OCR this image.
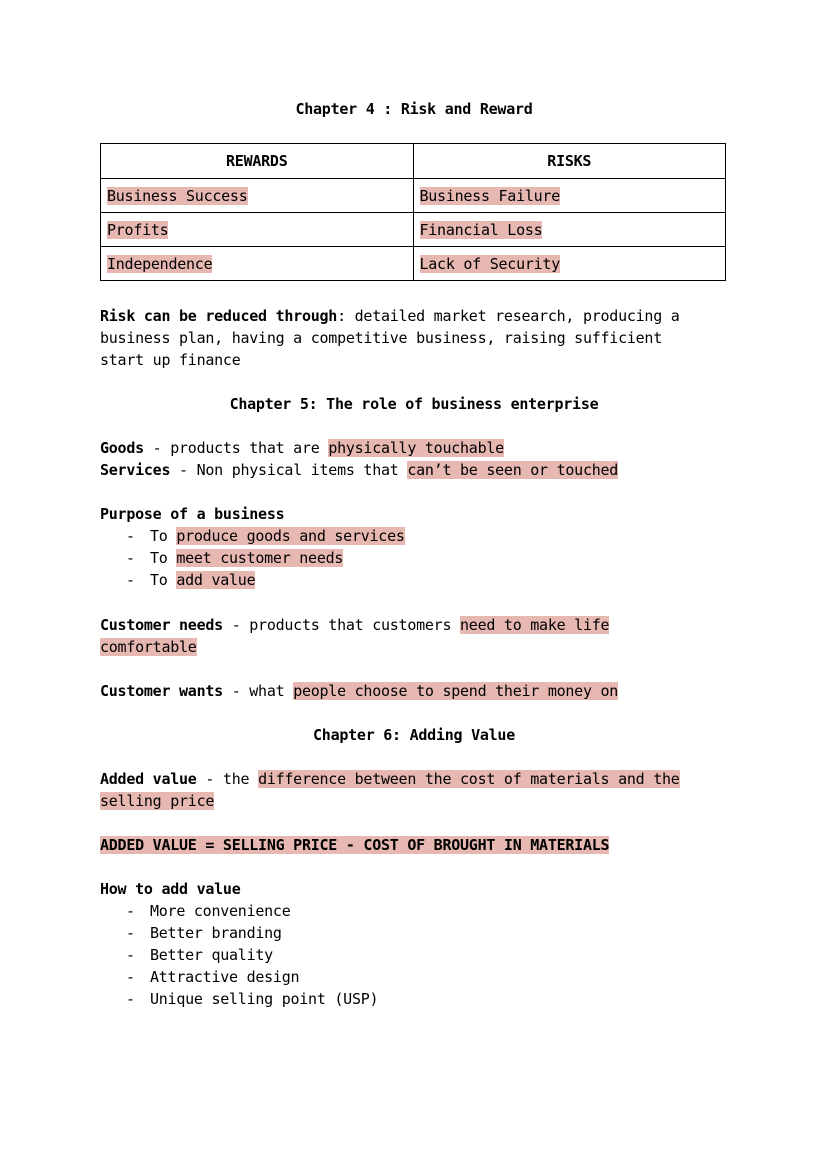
Chapter 4 : Risk and Reward
REWARDS	RISKS
Business Success	Business Failure
Profits	Financial Loss
Independence	Lack of Security
Risk can be reduced through: detailed market research, producing a
business plan, having a competitive business, raising sufficient
start up finance
Chapter 5: The role of business enterprise
Goods - products that are physically touchable
Services - Non physical items that can’t be seen or touched
Purpose of a business
- To produce goods and services
- To meet customer needs
- To add value
Customer needs - products that customers need to make life
comfortable
Customer wants - what people choose to spend their money on
Chapter 6: Adding Value
Added value - the difference between the cost of materials and the
selling price
ADDED VALUE = SELLING PRICE - COST OF BROUGHT IN MATERIALS
How to add value
- More convenience
- Better branding
- Better quality
- Attractive design
- Unique selling point (USP)
